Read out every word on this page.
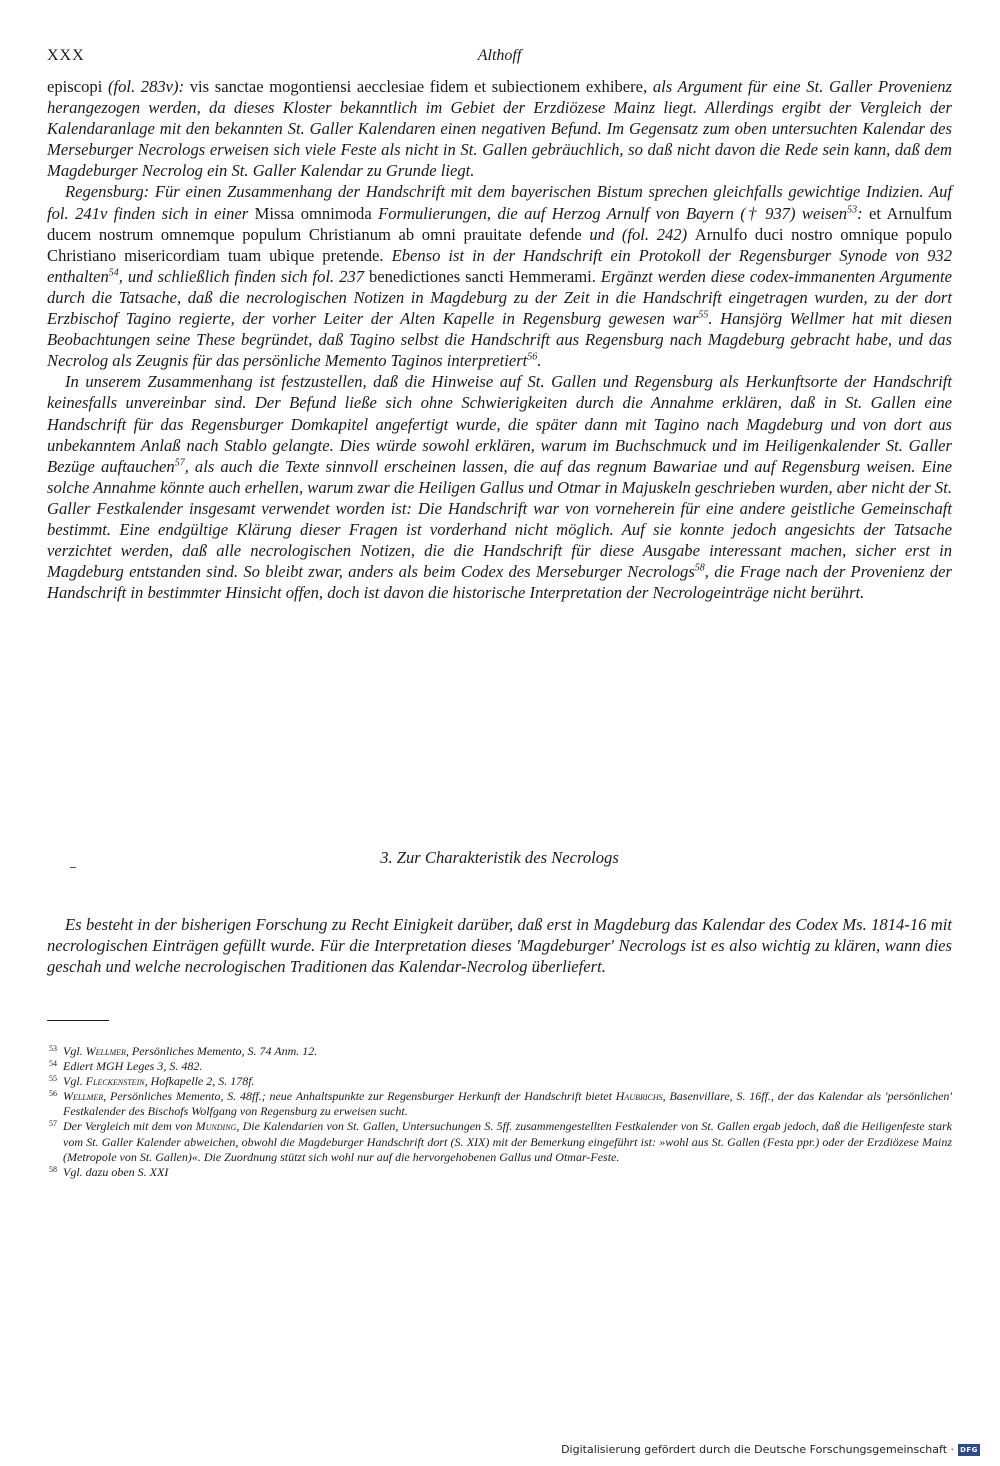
XXX	Althoff

episcopi (fol. 283v): vis sanctae mogontiensi aecclesiae fidem et subiectionem exhibere, als Argument für eine St. Galler Provenienz herangezogen werden, da dieses Kloster bekanntlich im Gebiet der Erzdiözese Mainz liegt. Allerdings ergibt der Vergleich der Kalendaranlage mit den bekannten St. Galler Kalendaren einen negativen Befund. Im Gegensatz zum oben untersuchten Kalendar des Merseburger Necrologs erweisen sich viele Feste als nicht in St. Gallen gebräuchlich, so daß nicht davon die Rede sein kann, daß dem Magdeburger Necrolog ein St. Galler Kalendar zu Grunde liegt.

Regensburg: Für einen Zusammenhang der Handschrift mit dem bayerischen Bistum sprechen gleichfalls gewichtige Indizien. Auf fol. 241v finden sich in einer Missa omnimoda Formulierungen, die auf Herzog Arnulf von Bayern († 937) weisen$^{53}$: et Arnulfum ducem nostrum omnemque populum Christianum ab omni prauitate defende und (fol. 242) Arnulfo duci nostro omnique populo Christiano misericordiam tuam ubique pretende. Ebenso ist in der Handschrift ein Protokoll der Regensburger Synode von 932 enthalten$^{54}$, und schließlich finden sich fol. 237 benedictiones sancti Hemmerami. Ergänzt werden diese codex-immanenten Argumente durch die Tatsache, daß die necrologischen Notizen in Magdeburg zu der Zeit in die Handschrift eingetragen wurden, zu der dort Erzbischof Tagino regierte, der vorher Leiter der Alten Kapelle in Regensburg gewesen war$^{55}$. Hansjörg Wellmer hat mit diesen Beobachtungen seine These begründet, daß Tagino selbst die Handschrift aus Regensburg nach Magdeburg gebracht habe, und das Necrolog als Zeugnis für das persönliche Memento Taginos interpretiert$^{56}$.

In unserem Zusammenhang ist festzustellen, daß die Hinweise auf St. Gallen und Regensburg als Herkunftsorte der Handschrift keinesfalls unvereinbar sind. Der Befund ließe sich ohne Schwierigkeiten durch die Annahme erklären, daß in St. Gallen eine Handschrift für das Regensburger Domkapitel angefertigt wurde, die später dann mit Tagino nach Magdeburg und von dort aus unbekanntem Anlaß nach Stablo gelangte. Dies würde sowohl erklären, warum im Buchschmuck und im Heiligenkalender St. Galler Bezüge auftauchen$^{57}$, als auch die Texte sinnvoll erscheinen lassen, die auf das regnum Bawariae und auf Regensburg weisen. Eine solche Annahme könnte auch erhellen, warum zwar die Heiligen Gallus und Otmar in Majuskeln geschrieben wurden, aber nicht der St. Galler Festkalender insgesamt verwendet worden ist: Die Handschrift war von vorneherein für eine andere geistliche Gemeinschaft bestimmt. Eine endgültige Klärung dieser Fragen ist vorderhand nicht möglich. Auf sie konnte jedoch angesichts der Tatsache verzichtet werden, daß alle necrologischen Notizen, die die Handschrift für diese Ausgabe interessant machen, sicher erst in Magdeburg entstanden sind. So bleibt zwar, anders als beim Codex des Merseburger Necrologs$^{58}$, die Frage nach der Provenienz der Handschrift in bestimmter Hinsicht offen, doch ist davon die historische Interpretation der Necrologeinträge nicht berührt.

3. Zur Charakteristik des Necrologs

Es besteht in der bisherigen Forschung zu Recht Einigkeit darüber, daß erst in Magdeburg das Kalendar des Codex Ms. 1814-16 mit necrologischen Einträgen gefüllt wurde. Für die Interpretation dieses 'Magdeburger' Necrologs ist es also wichtig zu klären, wann dies geschah und welche necrologischen Traditionen das Kalendar-Necrolog überliefert.

53 Vgl. Wellmer, Persönliches Memento, S. 74 Anm. 12.

54 Ediert MGH Leges 3, S. 482.

55 Vgl. Fleckenstein, Hofkapelle 2, S. 178f.

56 Wellmer, Persönliches Memento, S. 48ff.; neue Anhaltspunkte zur Regensburger Herkunft der Handschrift bietet Haubrichs, Basenvillare, S. 16ff., der das Kalendar als 'persönlichen' Festkalender des Bischofs Wolfgang von Regensburg zu erweisen sucht.

57 Der Vergleich mit dem von Munding, Die Kalendarien von St. Gallen, Untersuchungen S. 5ff. zusammengestellten Festkalender von St. Gallen ergab jedoch, daß die Heiligenfeste stark vom St. Galler Kalender abweichen, obwohl die Magdeburger Handschrift dort (S. XIX) mit der Bemerkung eingeführt ist: »wohl aus St. Gallen (Festa ppr.) oder der Erzdiözese Mainz (Metropole von St. Gallen)«. Die Zuordnung stützt sich wohl nur auf die hervorgehobenen Gallus und Otmar-Feste.

58 Vgl. dazu oben S. XXI

Digitalisierung gefördert durch die Deutsche Forschungsgemeinschaft · DFG
